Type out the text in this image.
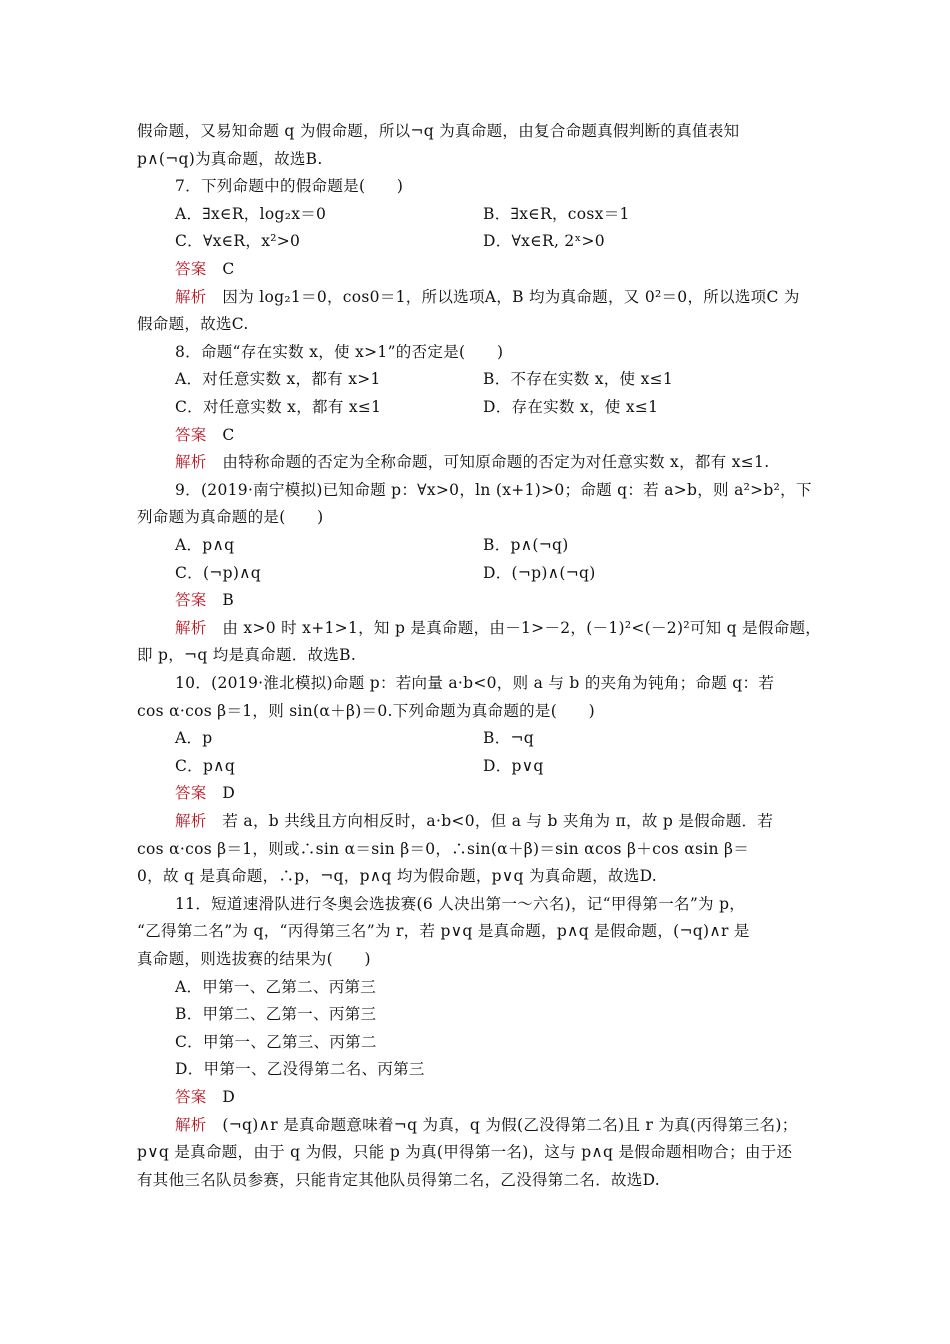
假命题，又易知命题 q 为假命题，所以¬q 为真命题，由复合命题真假判断的真值表知
p∧(¬q)为真命题，故选B.
7．下列命题中的假命题是(　　)
A．∃x∈R，log₂x＝0	B．∃x∈R，cosx＝1
C．∀x∈R，x²>0	D．∀x∈R, 2ˣ>0
答案　C
解析　因为 log₂1＝0，cos0＝1，所以选项A，B 均为真命题，又 0²＝0，所以选项C 为
假命题，故选C.
8．命题“存在实数 x，使 x>1”的否定是(　　)
A．对任意实数 x，都有 x>1	B．不存在实数 x，使 x≤1
C．对任意实数 x，都有 x≤1	D．存在实数 x，使 x≤1
答案　C
解析　由特称命题的否定为全称命题，可知原命题的否定为对任意实数 x，都有 x≤1.
9．(2019·南宁模拟)已知命题 p：∀x>0，ln (x+1)>0；命题 q：若 a>b，则 a²>b²，下
列命题为真命题的是(　　)
A．p∧q	B．p∧(¬q)
C．(¬p)∧q	D．(¬p)∧(¬q)
答案　B
解析　由 x>0 时 x+1>1，知 p 是真命题，由－1>－2，(－1)²<(－2)²可知 q 是假命题，
即 p，¬q 均是真命题．故选B.
10．(2019·淮北模拟)命题 p：若向量 a·b<0，则 a 与 b 的夹角为钝角；命题 q：若
cos α·cos β＝1，则 sin(α＋β)＝0.下列命题为真命题的是(　　)
A．p	B．¬q
C．p∧q	D．p∨q
答案　D
解析　若 a，b 共线且方向相反时，a·b<0，但 a 与 b 夹角为 π，故 p 是假命题．若
cos α·cos β＝1，则或∴sin α＝sin β＝0，∴sin(α＋β)＝sin αcos β＋cos αsin β＝
0，故 q 是真命题，∴p，¬q，p∧q 均为假命题，p∨q 为真命题，故选D.
11．短道速滑队进行冬奥会选拔赛(6 人决出第一～六名)，记“甲得第一名”为 p，
“乙得第二名”为 q，“丙得第三名”为 r，若 p∨q 是真命题，p∧q 是假命题，(¬q)∧r 是
真命题，则选拔赛的结果为(　　)
A．甲第一、乙第二、丙第三
B．甲第二、乙第一、丙第三
C．甲第一、乙第三、丙第二
D．甲第一、乙没得第二名、丙第三
答案　D
解析　(¬q)∧r 是真命题意味着¬q 为真，q 为假(乙没得第二名)且 r 为真(丙得第三名)；
p∨q 是真命题，由于 q 为假，只能 p 为真(甲得第一名)，这与 p∧q 是假命题相吻合；由于还
有其他三名队员参赛，只能肯定其他队员得第二名，乙没得第二名．故选D.
